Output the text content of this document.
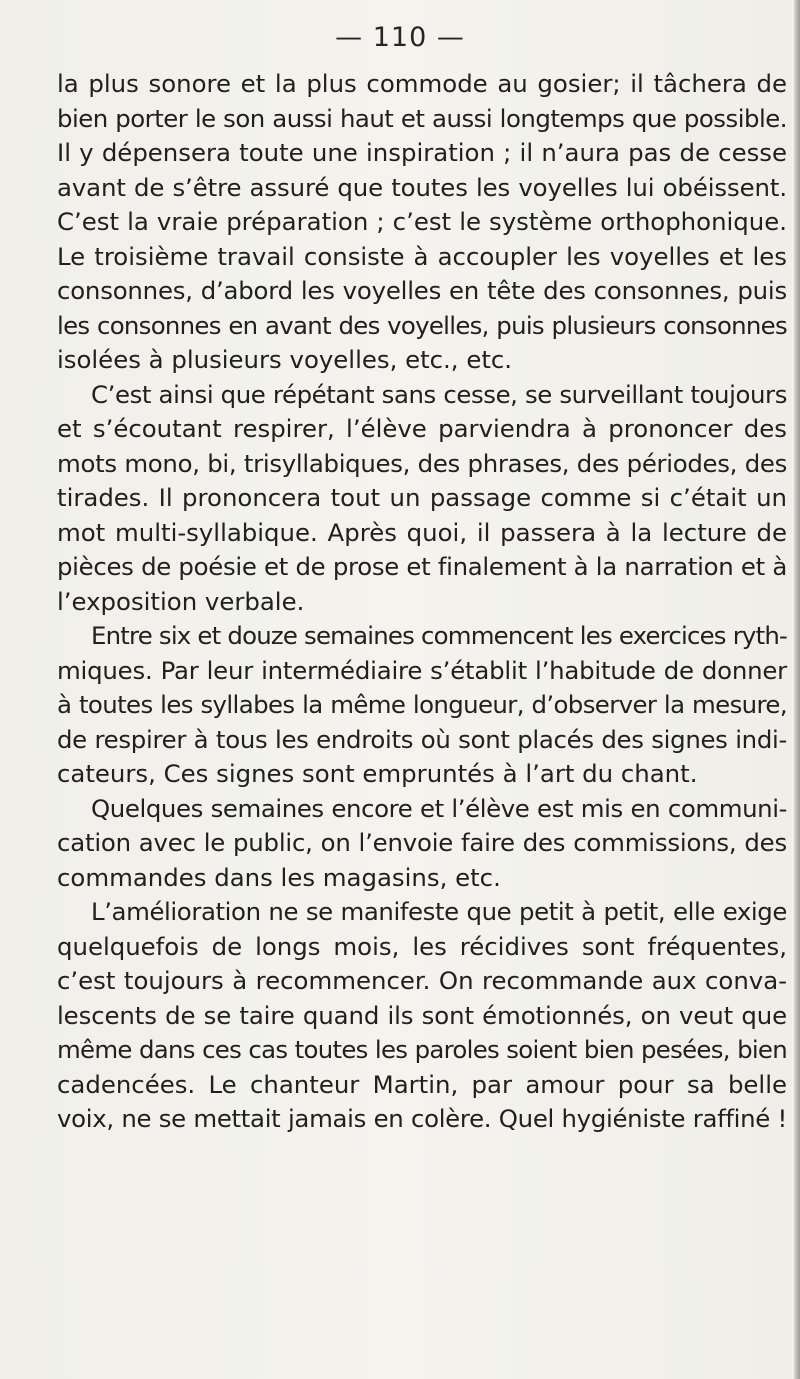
— 110 —
la plus sonore et la plus commode au gosier; il tâchera de
bien porter le son aussi haut et aussi longtemps que possible.
Il y dépensera toute une inspiration ; il n’aura pas de cesse
avant de s’être assuré que toutes les voyelles lui obéissent.
C’est la vraie préparation ; c’est le système orthophonique.
Le troisième travail consiste à accoupler les voyelles et les
consonnes, d’abord les voyelles en tête des consonnes, puis
les consonnes en avant des voyelles, puis plusieurs consonnes
isolées à plusieurs voyelles, etc., etc.
C’est ainsi que répétant sans cesse, se surveillant toujours
et s’écoutant respirer, l’élève parviendra à prononcer des
mots mono, bi, trisyllabiques, des phrases, des périodes, des
tirades. Il prononcera tout un passage comme si c’était un
mot multi-syllabique. Après quoi, il passera à la lecture de
pièces de poésie et de prose et finalement à la narration et à
l’exposition verbale.
Entre six et douze semaines commencent les exercices ryth-
miques. Par leur intermédiaire s’établit l’habitude de donner
à toutes les syllabes la même longueur, d’observer la mesure,
de respirer à tous les endroits où sont placés des signes indi-
cateurs, Ces signes sont empruntés à l’art du chant.
Quelques semaines encore et l’élève est mis en communi-
cation avec le public, on l’envoie faire des commissions, des
commandes dans les magasins, etc.
L’amélioration ne se manifeste que petit à petit, elle exige
quelquefois de longs mois, les récidives sont fréquentes,
c’est toujours à recommencer. On recommande aux conva-
lescents de se taire quand ils sont émotionnés, on veut que
même dans ces cas toutes les paroles soient bien pesées, bien
cadencées. Le chanteur Martin, par amour pour sa belle
voix, ne se mettait jamais en colère. Quel hygiéniste raffiné !
